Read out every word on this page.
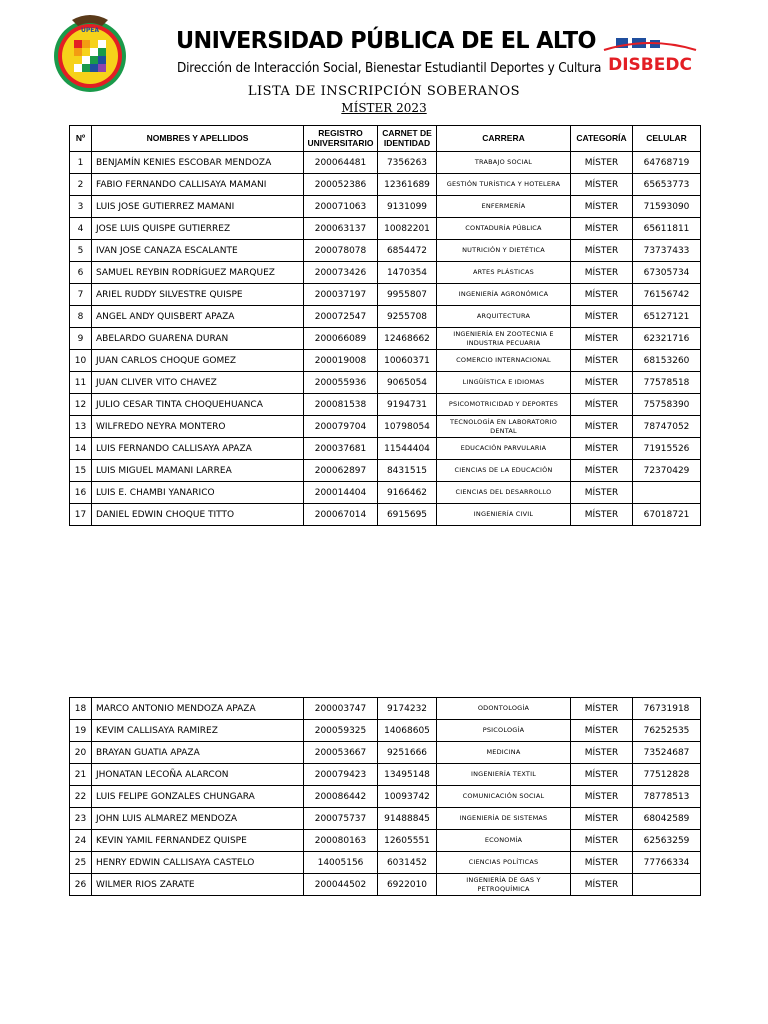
UPEA	UNIVERSIDAD PÚBLICA DE EL ALTO
Dirección de Interacción Social, Bienestar Estudiantil Deportes y Cultura DISBEDC
LISTA DE INSCRIPCIÓN SOBERANOS
MÍSTER 2023
Nº	NOMBRES Y APELLIDOS	REGISTRO UNIVERSITARIO	CARNET DE IDENTIDAD	CARRERA	CATEGORÍA	CELULAR
1	BENJAMÍN KENIES ESCOBAR MENDOZA	200064481	7356263	TRABAJO SOCIAL	MÍSTER	64768719
2	FABIO FERNANDO CALLISAYA MAMANI	200052386	12361689	GESTIÓN TURÍSTICA Y HOTELERA	MÍSTER	65653773
3	LUIS JOSE GUTIERREZ MAMANI	200071063	9131099	ENFERMERÍA	MÍSTER	71593090
4	JOSE LUIS QUISPE GUTIERREZ	200063137	10082201	CONTADURÍA PÚBLICA	MÍSTER	65611811
5	IVAN JOSE CANAZA ESCALANTE	200078078	6854472	NUTRICIÓN Y DIETÉTICA	MÍSTER	73737433
6	SAMUEL REYBIN RODRÍGUEZ MARQUEZ	200073426	1470354	ARTES PLÁSTICAS	MÍSTER	67305734
7	ARIEL RUDDY SILVESTRE QUISPE	200037197	9955807	INGENIERÍA AGRONÓMICA	MÍSTER	76156742
8	ANGEL ANDY QUISBERT APAZA	200072547	9255708	ARQUITECTURA	MÍSTER	65127121
9	ABELARDO GUARENA DURAN	200066089	12468662	INGENIERÍA EN ZOOTECNIA E INDUSTRIA PECUARIA	MÍSTER	62321716
10	JUAN CARLOS CHOQUE GOMEZ	200019008	10060371	COMERCIO INTERNACIONAL	MÍSTER	68153260
11	JUAN CLIVER VITO CHAVEZ	200055936	9065054	LINGÜÍSTICA E IDIOMAS	MÍSTER	77578518
12	JULIO CESAR TINTA CHOQUEHUANCA	200081538	9194731	PSICOMOTRICIDAD Y DEPORTES	MÍSTER	75758390
13	WILFREDO NEYRA MONTERO	200079704	10798054	TECNOLOGÍA EN LABORATORIO DENTAL	MÍSTER	78747052
14	LUIS FERNANDO CALLISAYA APAZA	200037681	11544404	EDUCACIÓN PARVULARIA	MÍSTER	71915526
15	LUIS MIGUEL MAMANI LARREA	200062897	8431515	CIENCIAS DE LA EDUCACIÓN	MÍSTER	72370429
16	LUIS E. CHAMBI YANARICO	200014404	9166462	CIENCIAS DEL DESARROLLO	MÍSTER	
17	DANIEL EDWIN CHOQUE TITTO	200067014	6915695	INGENIERÍA CIVIL	MÍSTER	67018721
18	MARCO ANTONIO MENDOZA APAZA	200003747	9174232	ODONTOLOGÍA	MÍSTER	76731918
19	KEVIM CALLISAYA RAMIREZ	200059325	14068605	PSICOLOGÍA	MÍSTER	76252535
20	BRAYAN GUATIA APAZA	200053667	9251666	MEDICINA	MÍSTER	73524687
21	JHONATAN LECOÑA ALARCON	200079423	13495148	INGENIERÍA TEXTIL	MÍSTER	77512828
22	LUIS FELIPE GONZALES CHUNGARA	200086442	10093742	COMUNICACIÓN SOCIAL	MÍSTER	78778513
23	JOHN LUIS ALMAREZ MENDOZA	200075737	91488845	INGENIERÍA DE SISTEMAS	MÍSTER	68042589
24	KEVIN YAMIL FERNANDEZ QUISPE	200080163	12605551	ECONOMÍA	MÍSTER	62563259
25	HENRY EDWIN CALLISAYA CASTELO	14005156	6031452	CIENCIAS POLÍTICAS	MÍSTER	77766334
26	WILMER RIOS ZARATE	200044502	6922010	INGENIERÍA DE GAS Y PETROQUÍMICA	MÍSTER	
